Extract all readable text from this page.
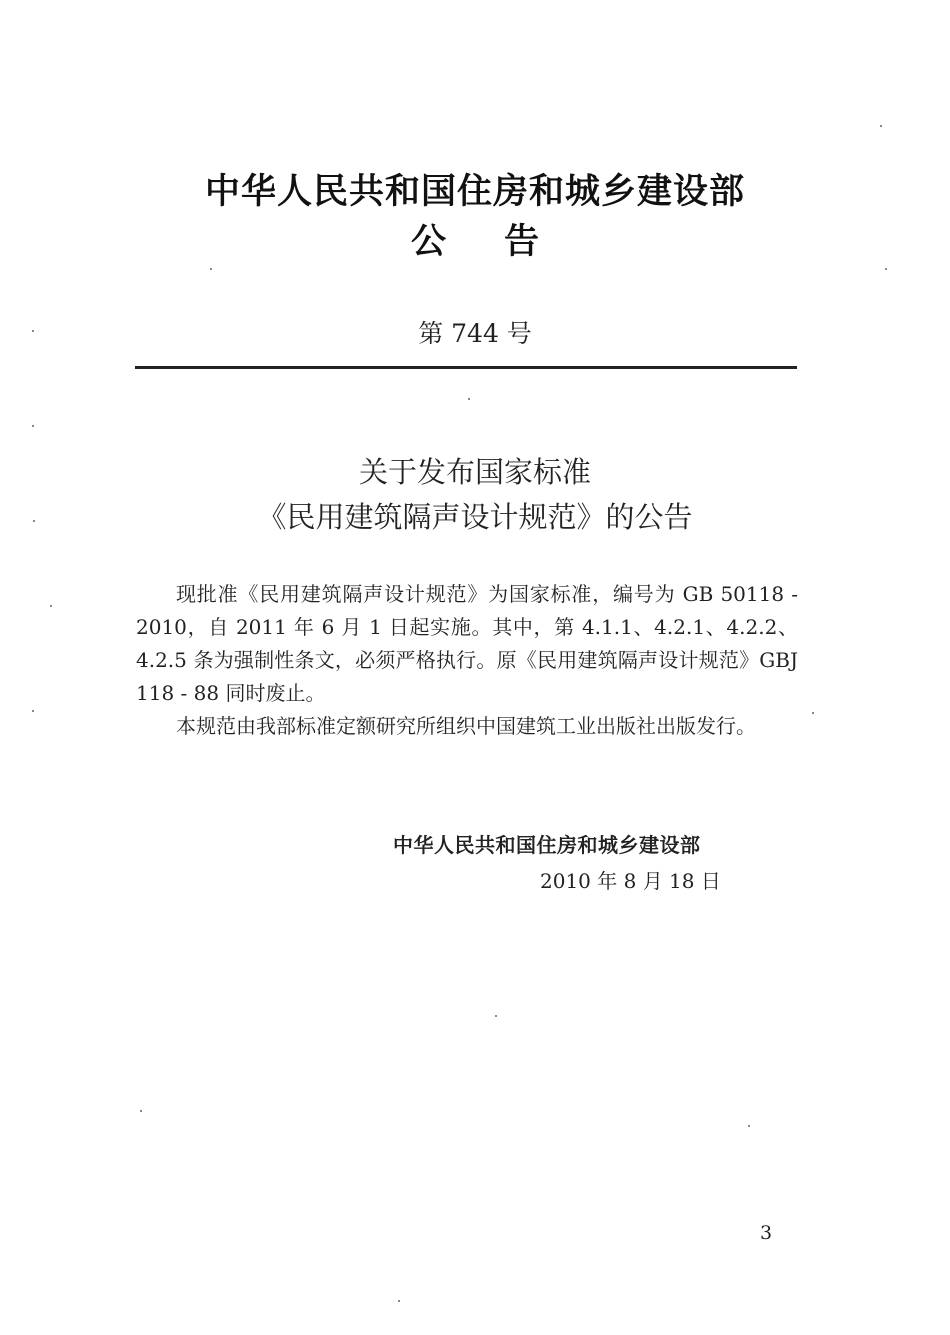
中华人民共和国住房和城乡建设部
公告
第 744 号
关于发布国家标准
《民用建筑隔声设计规范》的公告

现批准《民用建筑隔声设计规范》为国家标准，编号为 GB 50118 - 2010，自 2011 年 6 月 1 日起实施。其中，第 4.1.1、4.2.1、4.2.2、4.2.5 条为强制性条文，必须严格执行。原《民用建筑隔声设计规范》GBJ 118 - 88 同时废止。

本规范由我部标准定额研究所组织中国建筑工业出版社出版发行。

中华人民共和国住房和城乡建设部
2010 年 8 月 18 日
3
